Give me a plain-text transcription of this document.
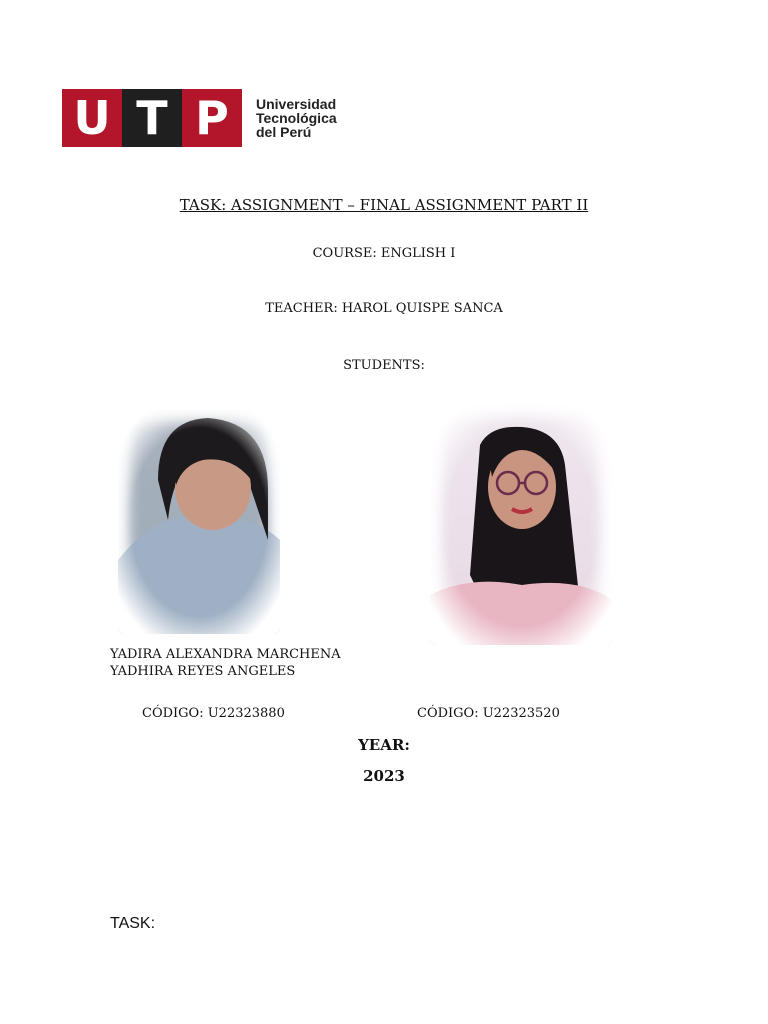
U T P	Universidad
Tecnológica
del Perú
TASK: ASSIGNMENT – FINAL ASSIGNMENT PART II
COURSE: ENGLISH I
TEACHER: HAROL QUISPE SANCA
STUDENTS:
YADIRA ALEXANDRA MARCHENA
YADHIRA REYES ANGELES
CÓDIGO: U22323880	CÓDIGO: U22323520
YEAR:
2023
TASK:
